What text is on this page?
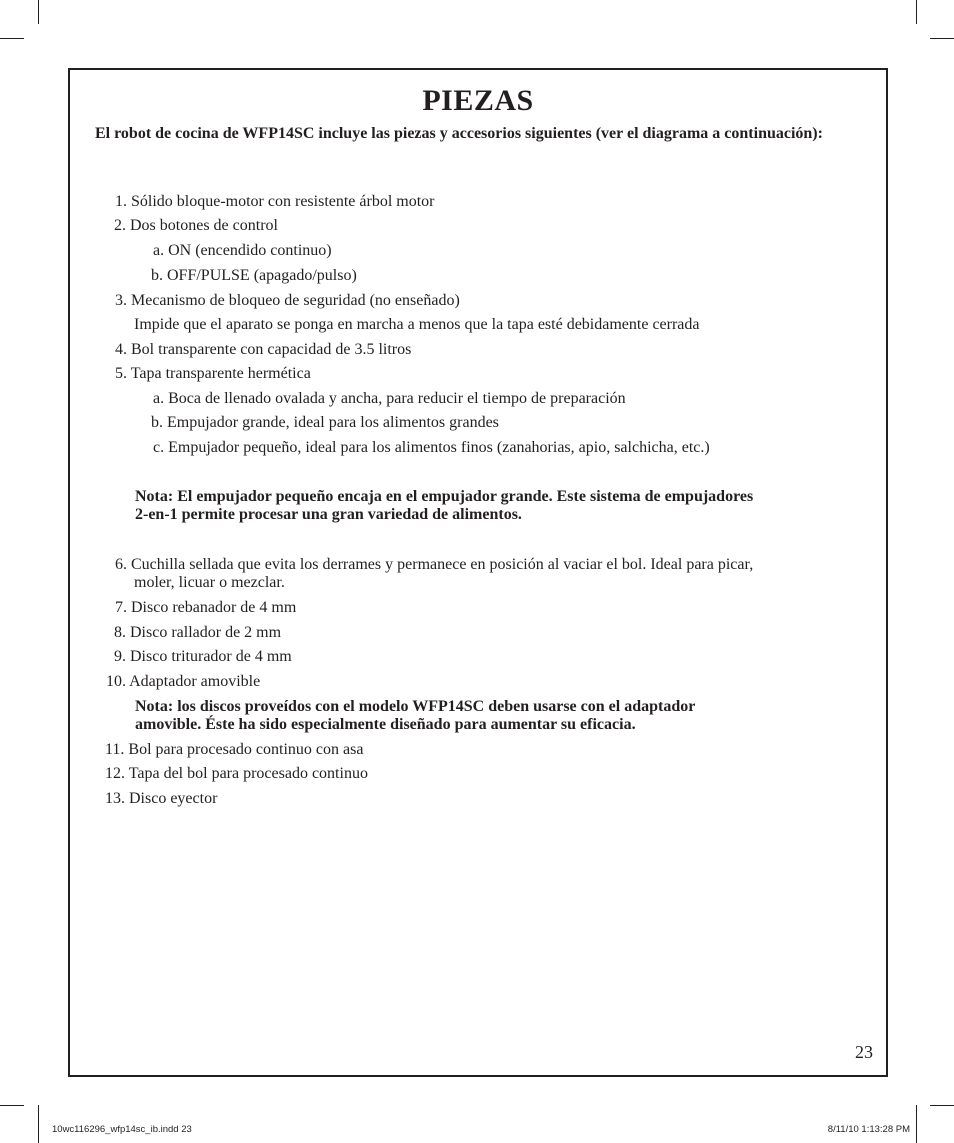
PIEZAS

El robot de cocina de WFP14SC incluye las piezas y accesorios siguientes (ver el diagrama a continuación):

1. Sólido bloque-motor con resistente árbol motor
2. Dos botones de control
a. ON (encendido continuo)
b. OFF/PULSE (apagado/pulso)
3. Mecanismo de bloqueo de seguridad (no enseñado)
Impide que el aparato se ponga en marcha a menos que la tapa esté debidamente cerrada
4. Bol transparente con capacidad de 3.5 litros
5. Tapa transparente hermética
a. Boca de llenado ovalada y ancha, para reducir el tiempo de preparación
b. Empujador grande, ideal para los alimentos grandes
c. Empujador pequeño, ideal para los alimentos finos (zanahorias, apio, salchicha, etc.)
Nota: El empujador pequeño encaja en el empujador grande. Este sistema de empujadores
2-en-1 permite procesar una gran variedad de alimentos.
6. Cuchilla sellada que evita los derrames y permanece en posición al vaciar el bol. Ideal para picar,
moler, licuar o mezclar.
7. Disco rebanador de 4 mm
8. Disco rallador de 2 mm
9. Disco triturador de 4 mm
10. Adaptador amovible
Nota: los discos proveídos con el modelo WFP14SC deben usarse con el adaptador
amovible. Éste ha sido especialmente diseñado para aumentar su eficacia.
11. Bol para procesado continuo con asa
12. Tapa del bol para procesado continuo
13. Disco eyector
23
10wc116296_wfp14sc_ib.indd 23	8/11/10 1:13:28 PM
